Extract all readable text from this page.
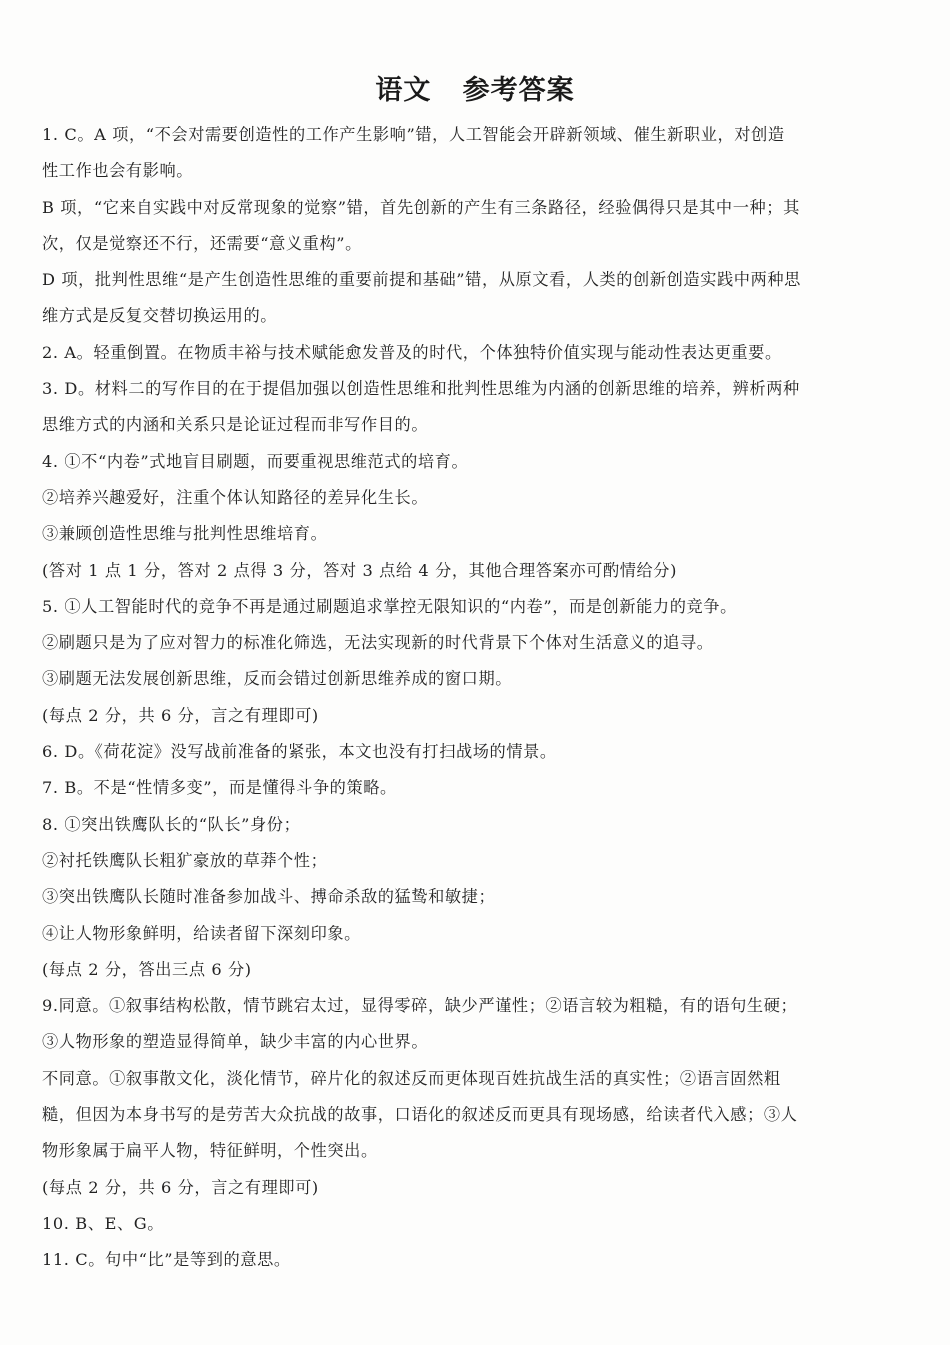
语文   参考答案
1. C。A 项，“不会对需要创造性的工作产生影响”错，人工智能会开辟新领域、催生新职业，对创造
性工作也会有影响。
B 项，“它来自实践中对反常现象的觉察”错，首先创新的产生有三条路径，经验偶得只是其中一种；其
次，仅是觉察还不行，还需要“意义重构”。
D 项，批判性思维“是产生创造性思维的重要前提和基础”错，从原文看，人类的创新创造实践中两种思
维方式是反复交替切换运用的。
2. A。轻重倒置。在物质丰裕与技术赋能愈发普及的时代，个体独特价值实现与能动性表达更重要。
3. D。材料二的写作目的在于提倡加强以创造性思维和批判性思维为内涵的创新思维的培养，辨析两种
思维方式的内涵和关系只是论证过程而非写作目的。
4. ①不“内卷”式地盲目刷题，而要重视思维范式的培育。
②培养兴趣爱好，注重个体认知路径的差异化生长。
③兼顾创造性思维与批判性思维培育。
(答对 1 点 1 分，答对 2 点得 3 分，答对 3 点给 4 分，其他合理答案亦可酌情给分)
5. ①人工智能时代的竞争不再是通过刷题追求掌控无限知识的“内卷”，而是创新能力的竞争。
②刷题只是为了应对智力的标准化筛选，无法实现新的时代背景下个体对生活意义的追寻。
③刷题无法发展创新思维，反而会错过创新思维养成的窗口期。
(每点 2 分，共 6 分，言之有理即可)
6. D。《荷花淀》没写战前准备的紧张，本文也没有打扫战场的情景。
7. B。不是“性情多变”，而是懂得斗争的策略。
8. ①突出铁鹰队长的“队长”身份；
②衬托铁鹰队长粗犷豪放的草莽个性；
③突出铁鹰队长随时准备参加战斗、搏命杀敌的猛鸷和敏捷；
④让人物形象鲜明，给读者留下深刻印象。
(每点 2 分，答出三点 6 分)
9.同意。①叙事结构松散，情节跳宕太过，显得零碎，缺少严谨性；②语言较为粗糙，有的语句生硬；
③人物形象的塑造显得简单，缺少丰富的内心世界。
不同意。①叙事散文化，淡化情节，碎片化的叙述反而更体现百姓抗战生活的真实性；②语言固然粗
糙，但因为本身书写的是劳苦大众抗战的故事，口语化的叙述反而更具有现场感，给读者代入感；③人
物形象属于扁平人物，特征鲜明，个性突出。
(每点 2 分，共 6 分，言之有理即可)
10. B、E、G。
11. C。句中“比”是等到的意思。
